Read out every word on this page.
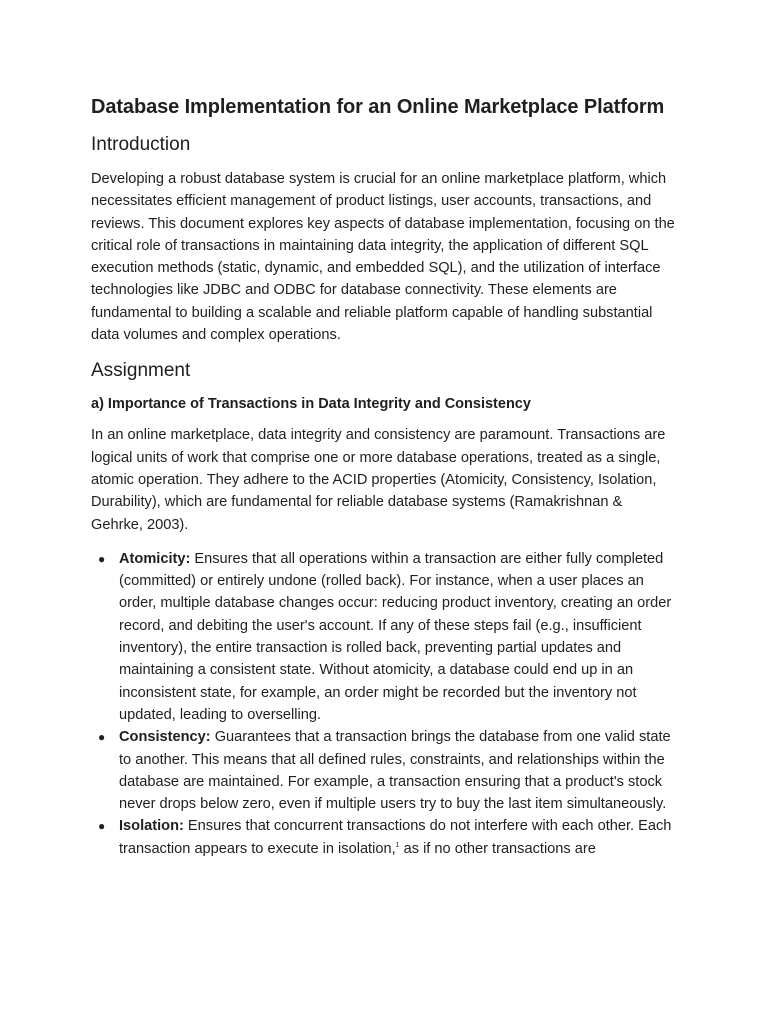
Database Implementation for an Online Marketplace Platform
Introduction

Developing a robust database system is crucial for an online marketplace platform, which necessitates efficient management of product listings, user accounts, transactions, and reviews. This document explores key aspects of database implementation, focusing on the critical role of transactions in maintaining data integrity, the application of different SQL execution methods (static, dynamic, and embedded SQL), and the utilization of interface technologies like JDBC and ODBC for database connectivity. These elements are fundamental to building a scalable and reliable platform capable of handling substantial data volumes and complex operations.

Assignment
a) Importance of Transactions in Data Integrity and Consistency

In an online marketplace, data integrity and consistency are paramount. Transactions are logical units of work that comprise one or more database operations, treated as a single, atomic operation. They adhere to the ACID properties (Atomicity, Consistency, Isolation, Durability), which are fundamental for reliable database systems (Ramakrishnan & Gehrke, 2003).

● Atomicity: Ensures that all operations within a transaction are either fully completed (committed) or entirely undone (rolled back). For instance, when a user places an order, multiple database changes occur: reducing product inventory, creating an order record, and debiting the user's account. If any of these steps fail (e.g., insufficient inventory), the entire transaction is rolled back, preventing partial updates and maintaining a consistent state. Without atomicity, a database could end up in an inconsistent state, for example, an order might be recorded but the inventory not updated, leading to overselling.
● Consistency: Guarantees that a transaction brings the database from one valid state to another. This means that all defined rules, constraints, and relationships within the database are maintained. For example, a transaction ensuring that a product's stock never drops below zero, even if multiple users try to buy the last item simultaneously.
● Isolation: Ensures that concurrent transactions do not interfere with each other. Each transaction appears to execute in isolation,$^1$ as if no other transactions are
